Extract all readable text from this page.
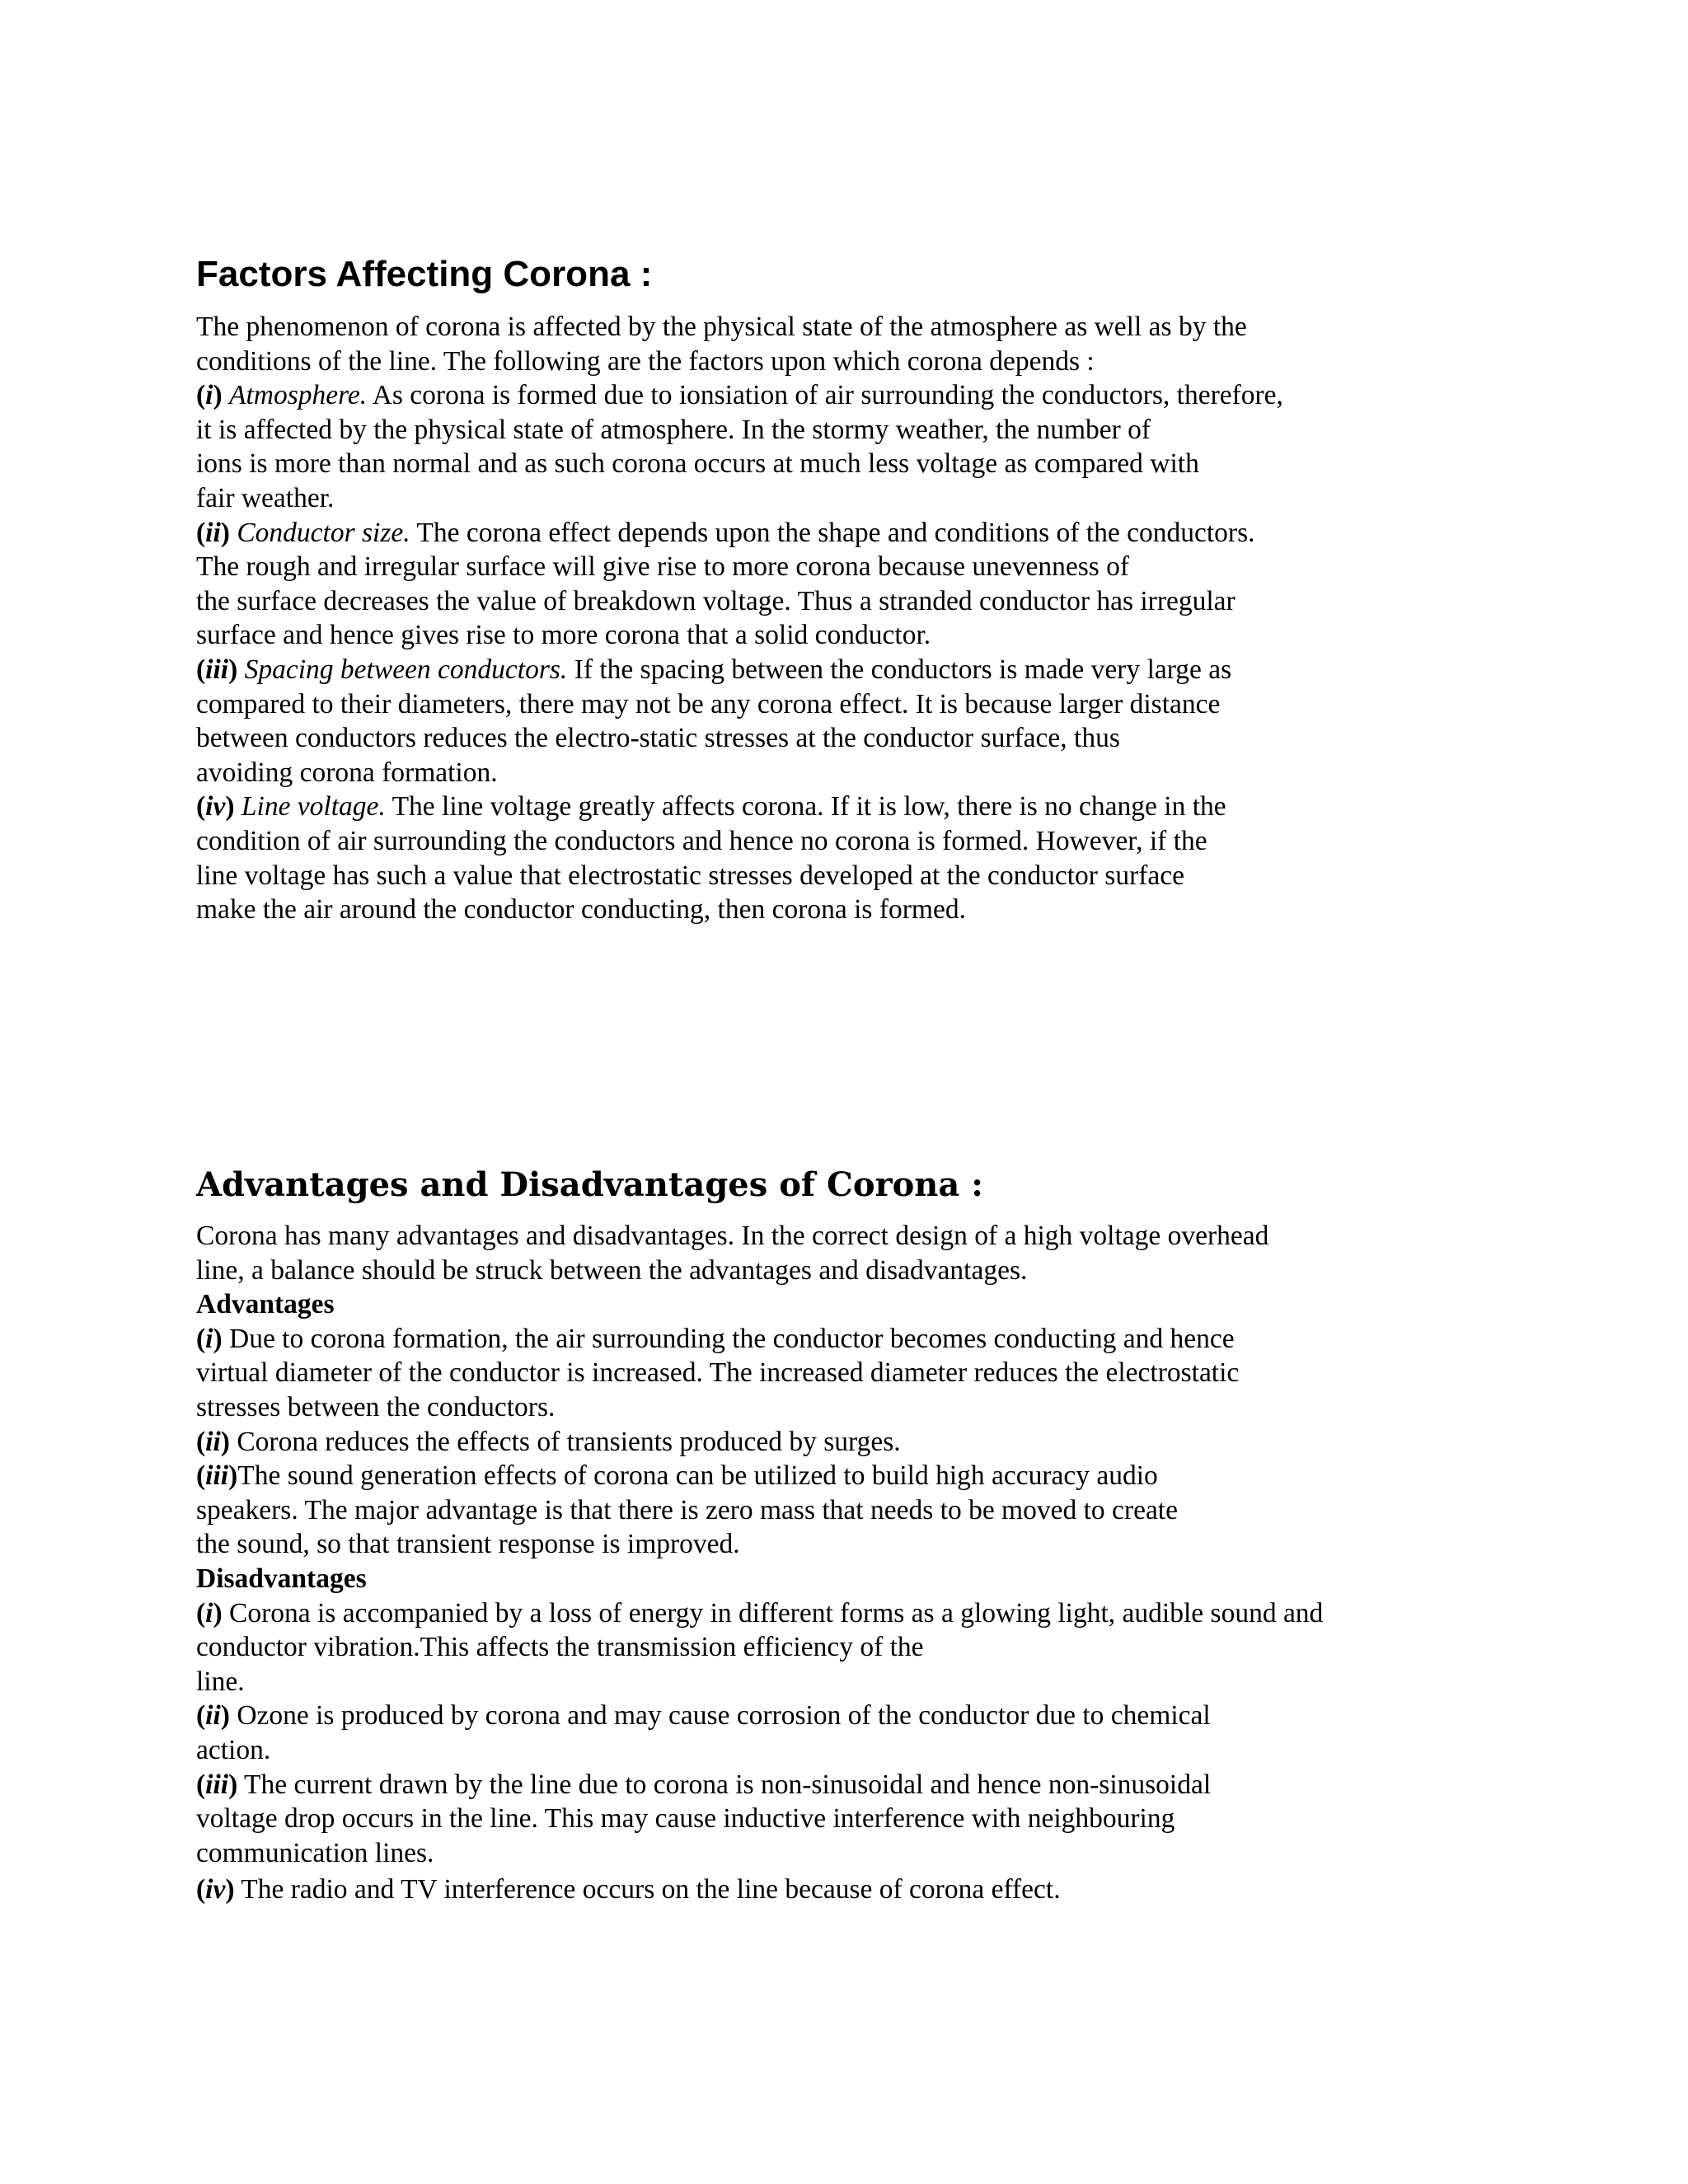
Factors Affecting Corona :
The phenomenon of corona is affected by the physical state of the atmosphere as well as by the
conditions of the line. The following are the factors upon which corona depends :
(i) Atmosphere. As corona is formed due to ionsiation of air surrounding the conductors, therefore,
it is affected by the physical state of atmosphere. In the stormy weather, the number of
ions is more than normal and as such corona occurs at much less voltage as compared with
fair weather.
(ii) Conductor size. The corona effect depends upon the shape and conditions of the conductors.
The rough and irregular surface will give rise to more corona because unevenness of
the surface decreases the value of breakdown voltage. Thus a stranded conductor has irregular
surface and hence gives rise to more corona that a solid conductor.
(iii) Spacing between conductors. If the spacing between the conductors is made very large as
compared to their diameters, there may not be any corona effect. It is because larger distance
between conductors reduces the electro-static stresses at the conductor surface, thus
avoiding corona formation.
(iv) Line voltage. The line voltage greatly affects corona. If it is low, there is no change in the
condition of air surrounding the conductors and hence no corona is formed. However, if the
line voltage has such a value that electrostatic stresses developed at the conductor surface
make the air around the conductor conducting, then corona is formed.
Advantages and Disadvantages of Corona :
Corona has many advantages and disadvantages. In the correct design of a high voltage overhead
line, a balance should be struck between the advantages and disadvantages.
Advantages
(i) Due to corona formation, the air surrounding the conductor becomes conducting and hence
virtual diameter of the conductor is increased. The increased diameter reduces the electrostatic
stresses between the conductors.
(ii) Corona reduces the effects of transients produced by surges.
(iii)The sound generation effects of corona can be utilized to build high accuracy audio
speakers. The major advantage is that there is zero mass that needs to be moved to create
the sound, so that transient response is improved.
Disadvantages
(i) Corona is accompanied by a loss of energy in different forms as a glowing light, audible sound and
conductor vibration.This affects the transmission efficiency of the
line.
(ii) Ozone is produced by corona and may cause corrosion of the conductor due to chemical
action.
(iii) The current drawn by the line due to corona is non-sinusoidal and hence non-sinusoidal
voltage drop occurs in the line. This may cause inductive interference with neighbouring
communication lines.
(iv) The radio and TV interference occurs on the line because of corona effect.
